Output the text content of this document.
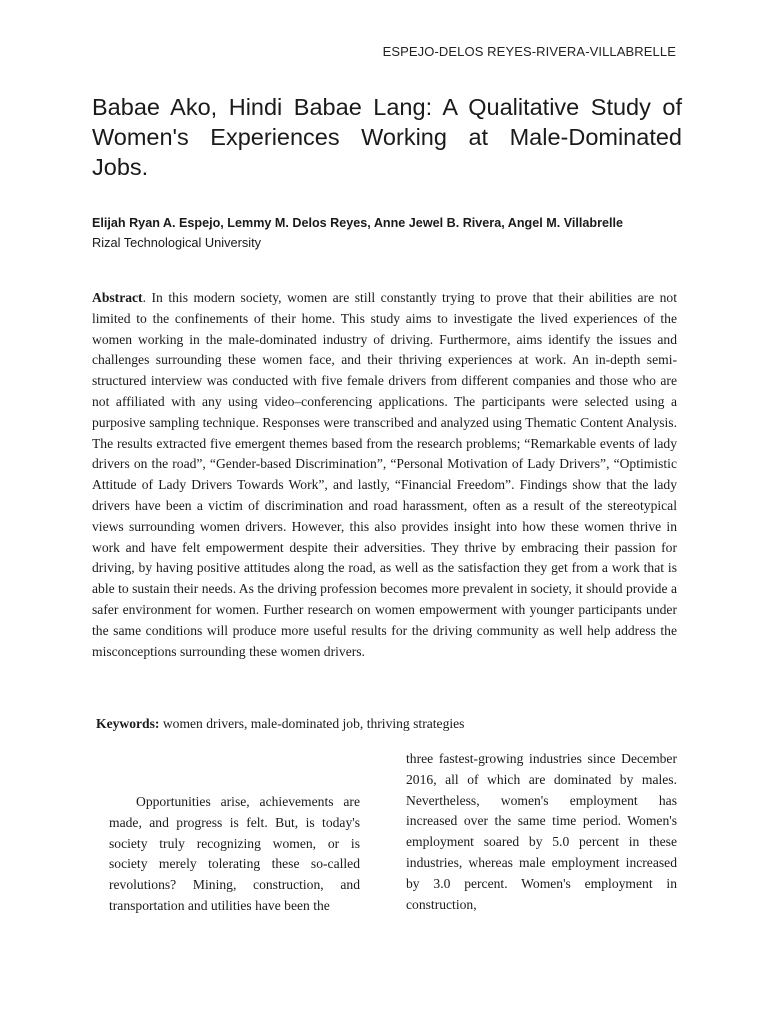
ESPEJO-DELOS REYES-RIVERA-VILLABRELLE
Babae Ako, Hindi Babae Lang: A Qualitative Study of Women's Experiences Working at Male-Dominated Jobs.
Elijah Ryan A. Espejo, Lemmy M. Delos Reyes, Anne Jewel B. Rivera, Angel M. Villabrelle
Rizal Technological University

Abstract. In this modern society, women are still constantly trying to prove that their abilities are not limited to the confinements of their home. This study aims to investigate the lived experiences of the women working in the male-dominated industry of driving. Furthermore, aims identify the issues and challenges surrounding these women face, and their thriving experiences at work. An in-depth semi-structured interview was conducted with five female drivers from different companies and those who are not affiliated with any using video–conferencing applications. The participants were selected using a purposive sampling technique. Responses were transcribed and analyzed using Thematic Content Analysis. The results extracted five emergent themes based from the research problems; “Remarkable events of lady drivers on the road”, “Gender-based Discrimination”, “Personal Motivation of Lady Drivers”, “Optimistic Attitude of Lady Drivers Towards Work”, and lastly, “Financial Freedom”. Findings show that the lady drivers have been a victim of discrimination and road harassment, often as a result of the stereotypical views surrounding women drivers. However, this also provides insight into how these women thrive in work and have felt empowerment despite their adversities. They thrive by embracing their passion for driving, by having positive attitudes along the road, as well as the satisfaction they get from a work that is able to sustain their needs. As the driving profession becomes more prevalent in society, it should provide a safer environment for women. Further research on women empowerment with younger participants under the same conditions will produce more useful results for the driving community as well help address the misconceptions surrounding these women drivers.

Keywords: women drivers, male-dominated job, thriving strategies

Opportunities arise, achievements are made, and progress is felt. But, is today's society truly recognizing women, or is society merely tolerating these so-called revolutions? Mining, construction, and transportation and utilities have been the

three fastest-growing industries since December 2016, all of which are dominated by males. Nevertheless, women's employment has increased over the same time period. Women's employment soared by 5.0 percent in these industries, whereas male employment increased by 3.0 percent. Women's employment in construction,
